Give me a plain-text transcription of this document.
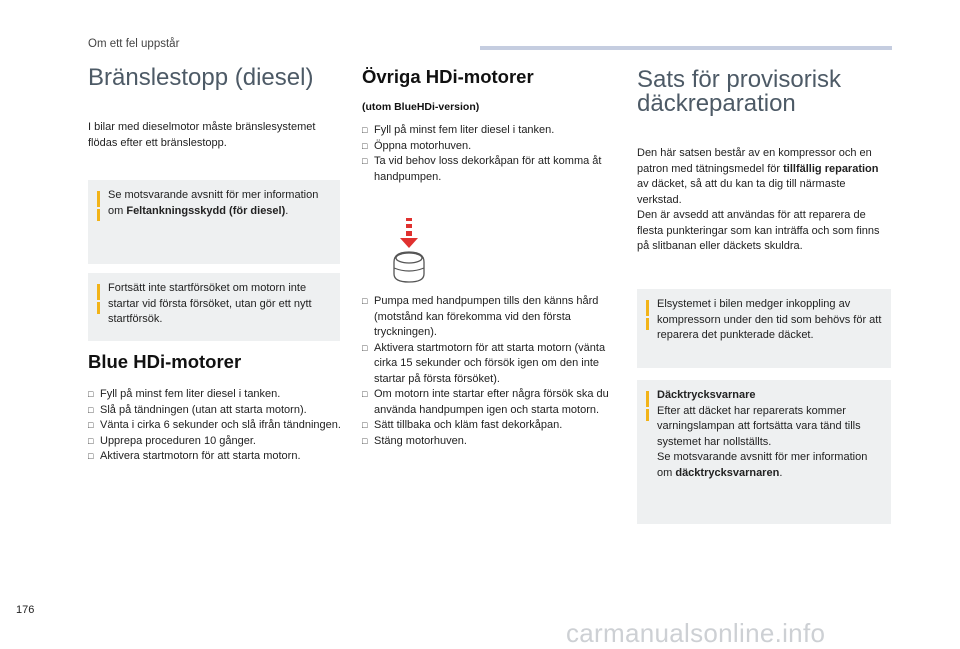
Om ett fel uppstår
Bränslestopp (diesel)

I bilar med dieselmotor måste bränslesystemet flödas efter ett bränslestopp.

Se motsvarande avsnitt för mer information om Feltankningsskydd (för diesel).
Fortsätt inte startförsöket om motorn inte startar vid första försöket, utan gör ett nytt startförsök.
Blue HDi-motorer
□ Fyll på minst fem liter diesel i tanken.
□ Slå på tändningen (utan att starta motorn).
□ Vänta i cirka 6 sekunder och slå ifrån tändningen.
□ Upprepa proceduren 10 gånger.
□ Aktivera startmotorn för att starta motorn.
Övriga HDi-motorer
(utom BlueHDi-version)
□ Fyll på minst fem liter diesel i tanken.
□ Öppna motorhuven.
□ Ta vid behov loss dekorkåpan för att komma åt handpumpen.
□ Pumpa med handpumpen tills den känns hård (motstånd kan förekomma vid den första tryckningen).
□ Aktivera startmotorn för att starta motorn (vänta cirka 15 sekunder och försök igen om den inte startar på första försöket).
□ Om motorn inte startar efter några försök ska du använda handpumpen igen och starta motorn.
□ Sätt tillbaka och kläm fast dekorkåpan.
□ Stäng motorhuven.
Sats för provisorisk
däckreparation

Den här satsen består av en kompressor och en patron med tätningsmedel för tillfällig reparation av däcket, så att du kan ta dig till närmaste verkstad.
Den är avsedd att användas för att reparera de flesta punkteringar som kan inträffa och som finns på slitbanan eller däckets skuldra.

Elsystemet i bilen medger inkoppling av kompressorn under den tid som behövs för att reparera det punkterade däcket.
Däcktrycksvarnare
Efter att däcket har reparerats kommer varningslampan att fortsätta vara tänd tills systemet har nollställts.
Se motsvarande avsnitt för mer information om däcktrycksvarnaren.
176
carmanualsonline.info
